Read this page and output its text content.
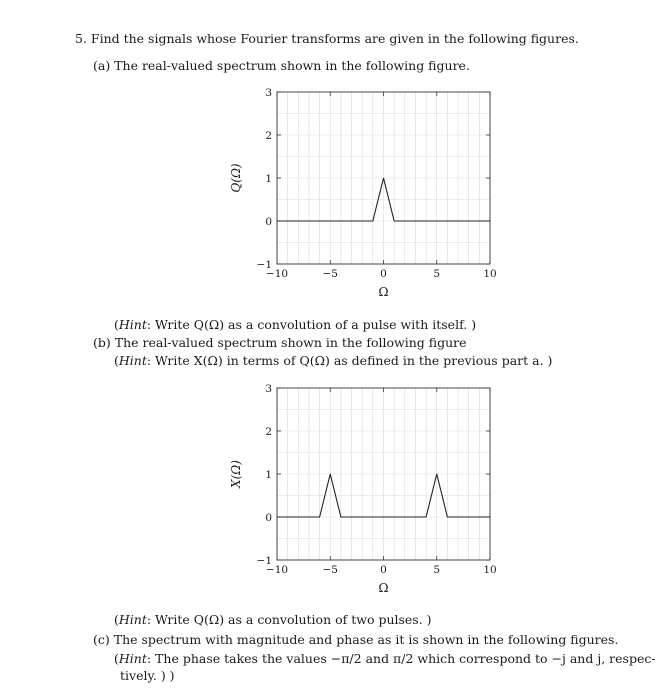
5. Find the signals whose Fourier transforms are given in the following figures.
(a) The real-valued spectrum shown in the following figure.
−10	−5	0	5	10
−1
0
1
2
3
Ω
Q(Ω)
(Hint: Write Q(Ω) as a convolution of a pulse with itself. )
(b) The real-valued spectrum shown in the following figure
(Hint: Write X(Ω) in terms of Q(Ω) as defined in the previous part a. )
−10	−5	0	5	10
−1
0
1
2
3
Ω
X(Ω)
(Hint: Write Q(Ω) as a convolution of two pulses. )
(c) The spectrum with magnitude and phase as it is shown in the following figures.
(Hint: The phase takes the values −π/2 and π/2 which correspond to −j and j, respec-
tively. ) )
